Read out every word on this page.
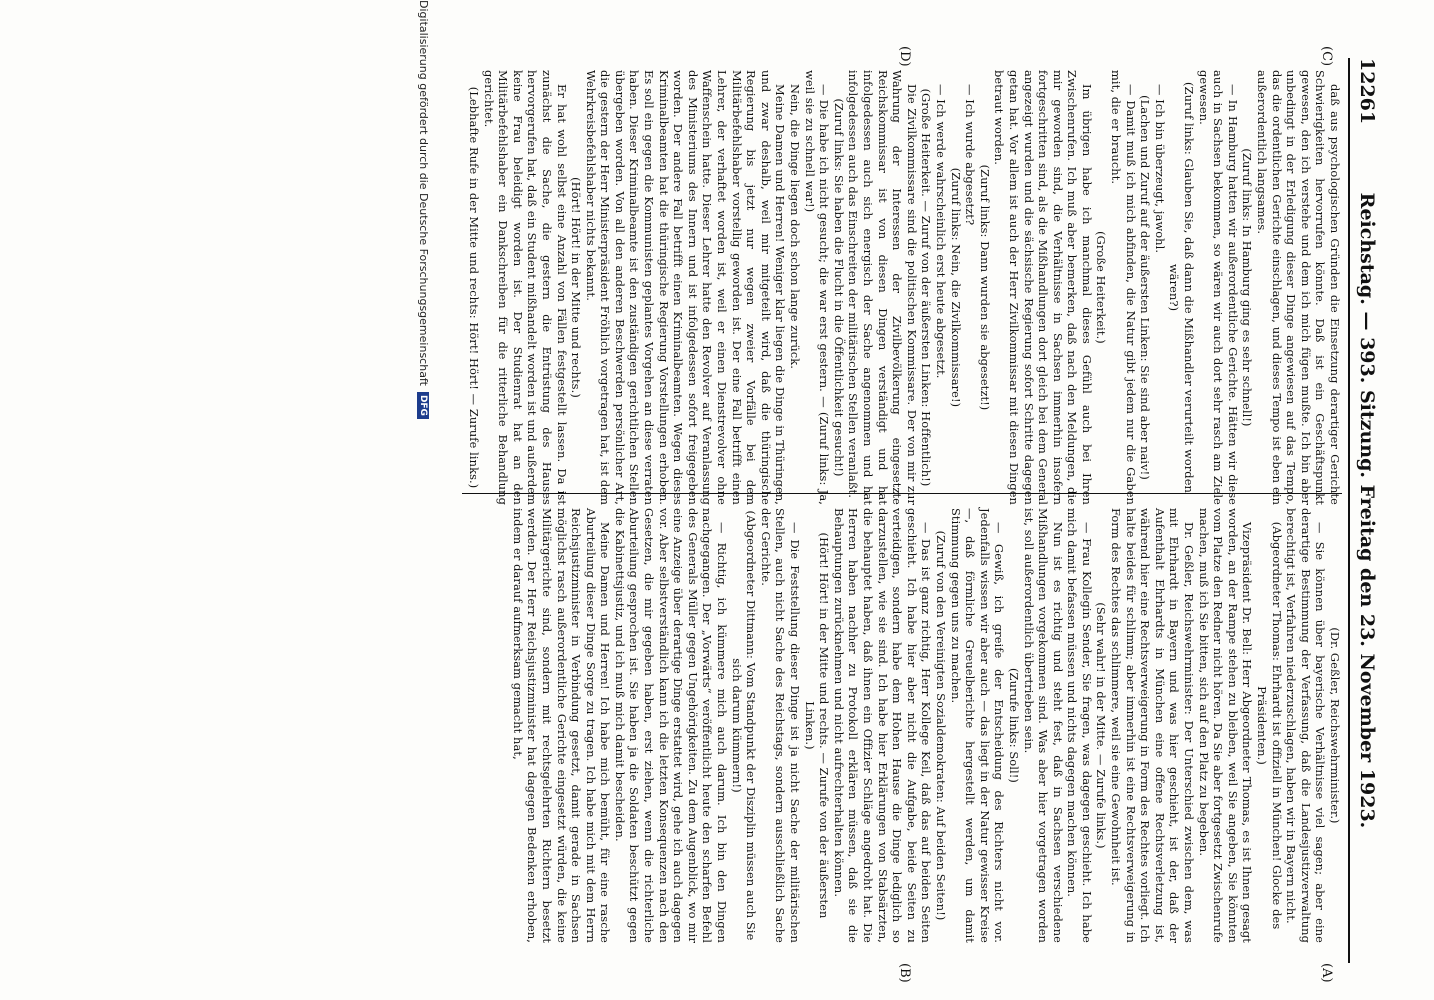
12261
Reichstag. — 393. Sitzung. Freitag den 23. November 1923.

daß aus psychologischen Gründen die Einsetzung derartiger Gerichte Schwierigkeiten hervorrufen könnte. Daß ist ein Geschäftspunkt gewesen, den ich verstehe und dem ich mich fügen mußte. Ich bin aber unbedingt in der Erledigung dieser Dinge angewiesen auf das Tempo, das die ordentlichen Gerichte einschlagen, und dieses Tempo ist eben ein außerordentlich langsames.

(Zuruf links: In Hamburg ging es sehr schnell!)

— In Hamburg hatten wir außerordentliche Gerichte. Hätten wir diese auch in Sachsen bekommen, so wären wir auch dort sehr rasch am Ziele gewesen.

(Zuruf links: Glauben Sie, daß dann die Mißhandler verurteilt worden wären?)

— Ich bin überzeugt, jawohl.

(Lachen und Zuruf auf der äußersten Linken: Sie sind aber naiv!)

— Damit muß ich mich abfinden, die Natur gibt jedem nur die Gaben mit, die er braucht.

(Große Heiterkeit.)

Im übrigen habe ich manchmal dieses Gefühl auch bei Ihren Zwischenrufen. Ich muß aber bemerken, daß nach den Meldungen, die mir geworden sind, die Verhältnisse in Sachsen immerhin insofern fortgeschritten sind, als die Mißhandlungen dort gleich bei dem General angezeigt wurden und die sächsische Regierung sofort Schritte dagegen getan hat. Vor allem ist auch der Herr Zivilkommissar mit diesen Dingen betraut worden.

(Zuruf links: Dann wurden sie abgesetzt!)

— Ich wurde abgesetzt?

(Zuruf links: Nein, die Zivilkommissare!)

— Ich werde wahrscheinlich erst heute abgesetzt.

(Große Heiterkeit. — Zuruf von der äußersten Linken: Hoffentlich!)

Die Zivilkommissare sind die politischen Kommissare. Der von mir zur Wahrung der Interessen der Zivilbevölkerung eingesetzte Reichskommissar ist von diesen Dingen verständigt und hat infolgedessen auch sich energisch der Sache angenommen und hat infolgedessen auch das Einschreiten der militärischen Stellen veranlaßt.

(Zuruf links: Sie haben die Flucht in die Öffentlichkeit gesucht!)

— Die habe ich nicht gesucht; die war erst gestern. — (Zuruf links: Ja, weil sie zu schnell war!)

Nein, die Dinge liegen doch schon lange zurück.

Meine Damen und Herren! Weniger klar liegen die Dinge in Thüringen, und zwar deshalb, weil mir mitgeteilt wird, daß die thüringische Regierung bis jetzt nur wegen zweier Vorfälle bei dem Militärbefehlshaber vorstellig geworden ist. Der eine Fall betrifft einen Lehrer, der verhaftet worden ist, weil er einen Dienstrevolver ohne Waffenschein hatte. Dieser Lehrer hatte den Revolver auf Veranlassung des Ministeriums des Innern und ist infolgedessen sofort freigegeben worden. Der andere Fall betrifft einen Kriminalbeamten. Wegen dieses Kriminalbeamten hat die thüringische Regierung Vorstellungen erhoben. Es soll ein gegen die Kommunisten geplantes Vorgehen an diese verraten haben. Dieser Kriminalbeamte ist den zuständigen gerichtlichen Stellen übergeben worden. Von all den anderen Beschwerden persönlicher Art, die gestern der Herr Ministerpräsident Fröhlich vorgetragen hat, ist dem Wehrkreisbefehlshaber nichts bekannt.

(Hört! Hört! in der Mitte und rechts.)

Er hat wohl selbst eine Anzahl von Fällen festgestellt lassen. Da ist zunächst die Sache, die gestern die Entrüstung des Hauses hervorgerufen hat, daß ein Student mißhandelt worden ist und außerdem keine Frau beleidigt worden ist. Der Studienrat hat an den Militärbefehlshaber ein Dankschreiben für die ritterliche Behandlung gerichtet.

(Lebhafte Rufe in der Mitte und rechts: Hört! Hört! — Zurufe links.)

(Dr. Geßler, Reichswehrminister.)

— Sie können über bayerische Verhältnisse viel sagen; aber eine derartige Bestimmung der Verfassung, daß die Landesjustizverwaltung berechtigt ist, Verfahren niederzuschlagen, haben wir in Bayern nicht.

(Abgeordneter Thomas: Ehrhardt ist offiziell in München! Glocke des Präsidenten.)

Vizepräsident Dr. Bell: Herr Abgeordneter Thomas, es ist Ihnen gesagt worden, an der Rampe stehen zu bleiben, weil Sie angeben, Sie könnten vom Platze den Redner nicht hören. Da Sie aber fortgesetzt Zwischenrufe machen, muß ich Sie bitten, sich auf den Platz zu begeben.

Dr. Geßler, Reichswehrminister: Der Unterschied zwischen dem, was mit Ehrhardt in Bayern und was hier geschieht, ist der, daß der Aufenthalt Ehrhardts in München eine offene Rechtsverletzung ist, während hier eine Rechtsverweigerung in Form des Rechtes vorliegt. Ich halte beides für schlimm; aber immerhin ist eine Rechtsverweigerung in Form des Rechtes das schlimmere, weil sie eine Gewohnheit ist.

(Sehr wahr! in der Mitte. — Zurufe links.)

— Frau Kollegin Sender, Sie fragen, was dagegen geschieht. Ich habe mich damit befassen müssen und nichts dagegen machen können.

Nun ist es richtig und steht fest, daß in Sachsen verschiedene Mißhandlungen vorgekommen sind. Was aber hier vorgetragen worden ist, soll außerordentlich übertrieben sein.

(Zurufe links: Soll!)

— Gewiß, ich greife der Entscheidung des Richters nicht vor. Jedenfalls wissen wir aber auch — das liegt in der Natur gewisser Kreise —, daß förmliche Greuelberichte hergestellt werden, um damit Stimmung gegen uns zu machen.

(Zuruf von den Vereinigten Sozialdemokraten: Auf beiden Seiten!)

— Das ist ganz richtig, Herr Kollege Keil, daß das auf beiden Seiten geschieht. Ich habe hier aber nicht die Aufgabe, beide Seiten zu verteidigen, sondern habe dem Hohen Hause die Dinge lediglich so darzustellen, wie sie sind. Ich habe hier Erklärungen von Stabsärzten, die behauptet haben, daß ihnen ein Offizier Schläge angedroht hat. Die Herren haben nachher zu Protokoll erklären müssen, daß sie die Behauptungen zurücknehmen und nicht aufrechterhalten können.

(Hört! Hört! in der Mitte und rechts. — Zurufe von der äußersten Linken.)

— Die Feststellung dieser Dinge ist ja nicht Sache der militärischen Stellen, auch nicht Sache des Reichstags, sondern ausschließlich Sache der Gerichte.

(Abgeordneter Dittmann: Vom Standpunkt der Disziplin müssen auch Sie sich darum kümmern!)

— Richtig, ich kümmere mich auch darum. Ich bin den Dingen nachgegangen. Der „Vorwärts“ veröffentlicht heute den scharfen Befehl des Generals Müller gegen Ungehörigkeiten. Zu dem Augenblick, wo mir eine Anzeige über derartige Dinge erstattet wird, gehe ich auch dagegen vor. Aber selbstverständlich kann ich die letzten Konsequenzen nach den Gesetzen, die mir gegeben haben, erst ziehen, wenn die richterliche Aburteilung gesprochen ist. Sie haben ja die Soldaten beschützt gegen die Kabinettsjustiz, und ich muß mich damit bescheiden.

Meine Damen und Herren! Ich habe mich bemüht, für eine rasche Aburteilung dieser Dinge Sorge zu tragen. Ich habe mich mit dem Herrn Reichsjustizminister in Verbindung gesetzt, damit gerade in Sachsen möglichst rasch außerordentliche Gerichte eingesetzt würden, die keine Militärgerichte sind, sondern mit rechtsgelehrten Richtern besetzt werden. Der Herr Reichsjustizminister hat dagegen Bedenken erhoben, indem er darauf aufmerksam gemacht hat,

(C)
(D)
(A)
(B)
Digitalisierung gefördert durch die Deutsche ForschungsgemeinschaftDFG
